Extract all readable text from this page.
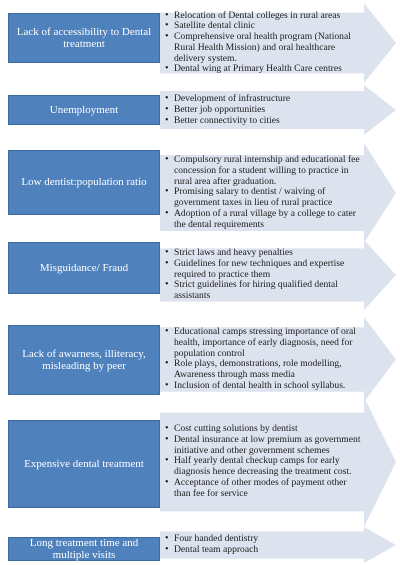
• Relocation of Dental colleges in rural areas
• Satellite dental clinic
• Comprehensive oral health program (National Rural Health Mission) and oral healthcare delivery system.
• Dental wing at Primary Health Care centres
Lack of accessibility to Dental treatment
• Development of infrastructure
• Better job opportunities
• Better connectivity to cities
Unemployment
• Compulsory rural internship and educational fee concession for a student willing to practice in rural area after graduation.
• Promising salary to dentist / waiving of government taxes in lieu of rural practice
• Adoption of a rural village by a college to cater the dental requirements
Low dentist:population ratio
• Strict laws and heavy penalties
• Guidelines for new techniques and expertise required to practice them
• Strict guidelines for hiring qualified dental assistants
Misguidance/ Fraud
• Educational camps stressing importance of oral health, importance of early diagnosis, need for population control
• Role plays, demonstrations, role modelling, Awareness through mass media
• Inclusion of dental health in school syllabus.
Lack of awarness, illiteracy, misleading by peer
• Cost cutting solutions by dentist
• Dental insurance at low premium as government initiative and other government schemes
• Half yearly dental checkup camps for early diagnosis hence decreasing the treatment cost.
• Acceptance of other modes of payment other than fee for service
Expensive dental treatment
• Four handed dentistry
• Dental team approach
Long treatment time and multiple visits
